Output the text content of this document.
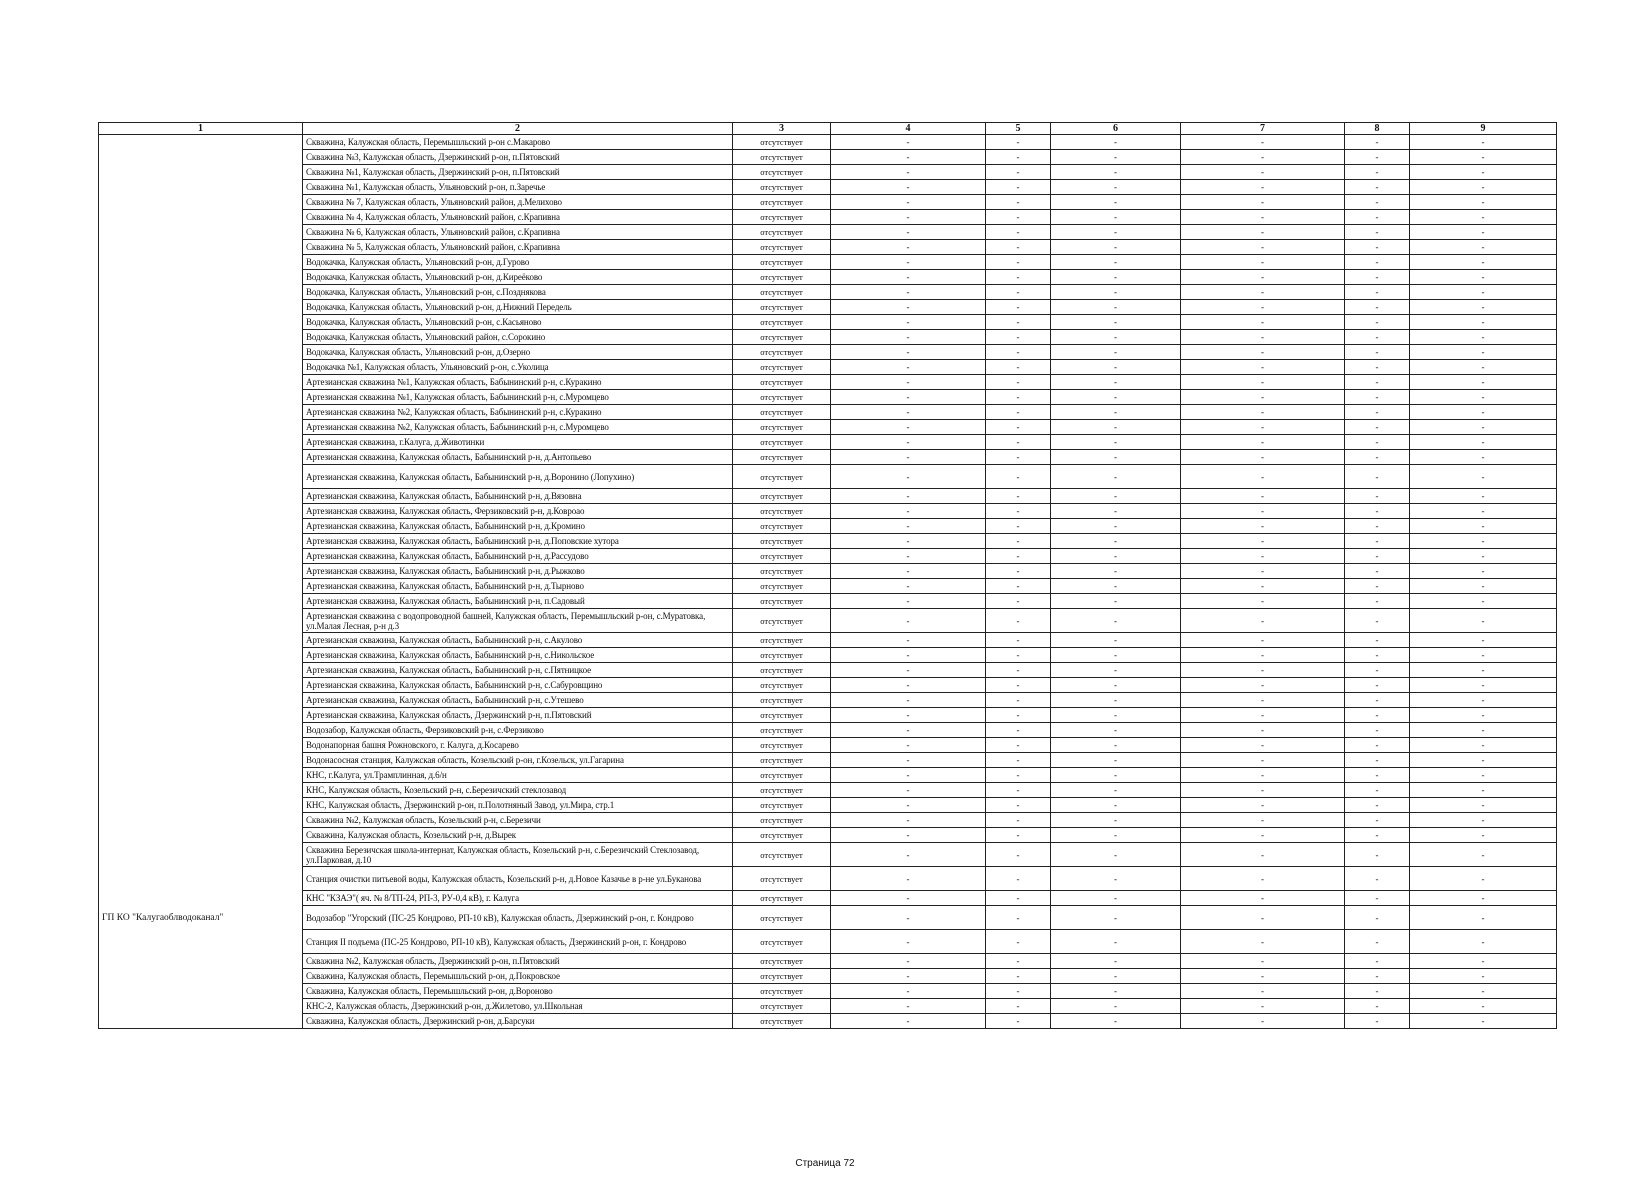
1	2	3	4	5	6	7	8	9
	Скважина, Калужская область, Перемышльский р-он с.Макарово	отсутствует	-	-	-	-	-	-
	Скважина №3, Калужская область, Дзержинский р-он, п.Пятовский	отсутствует	-	-	-	-	-	-
	Скважина №1, Калужская область, Дзержинский р-он, п.Пятовский	отсутствует	-	-	-	-	-	-
	Скважина №1, Калужская область, Ульяновский р-он, п.Заречье	отсутствует	-	-	-	-	-	-
	Скважина № 7, Калужская область, Ульяновский район, д.Мелихово	отсутствует	-	-	-	-	-	-
	Скважина № 4, Калужская область, Ульяновский район, с.Крапивна	отсутствует	-	-	-	-	-	-
	Скважина № 6, Калужская область, Ульяновский район, с.Крапивна	отсутствует	-	-	-	-	-	-
	Скважина № 5, Калужская область, Ульяновский район, с.Крапивна	отсутствует	-	-	-	-	-	-
	Водокачка, Калужская область, Ульяновский р-он, д.Гурово	отсутствует	-	-	-	-	-	-
	Водокачка, Калужская область, Ульяновский р-он, д.Киреёково	отсутствует	-	-	-	-	-	-
	Водокачка, Калужская область, Ульяновский р-он, с.Позднякова	отсутствует	-	-	-	-	-	-
	Водокачка, Калужская область, Ульяновский р-он, д.Нижний Передель	отсутствует	-	-	-	-	-	-
	Водокачка, Калужская область, Ульяновский р-он, с.Касьяново	отсутствует	-	-	-	-	-	-
	Водокачка, Калужская область, Ульяновский район, с.Сорокино	отсутствует	-	-	-	-	-	-
	Водокачка, Калужская область, Ульяновский р-он, д.Озерно	отсутствует	-	-	-	-	-	-
	Водокачка №1, Калужская область, Ульяновский р-он, с.Уколица	отсутствует	-	-	-	-	-	-
	Артезианская скважина №1, Калужская область, Бабынинский р-н, с.Куракино	отсутствует	-	-	-	-	-	-
	Артезианская скважина №1, Калужская область, Бабынинский р-н, с.Муромцево	отсутствует	-	-	-	-	-	-
	Артезианская скважина №2, Калужская область, Бабынинский р-н, с.Куракино	отсутствует	-	-	-	-	-	-
	Артезианская скважина №2, Калужская область, Бабынинский р-н, с.Муромцево	отсутствует	-	-	-	-	-	-
	Артезианская скважина, г.Калуга, д.Животинки	отсутствует	-	-	-	-	-	-
	Артезианская скважина, Калужская область, Бабынинский р-н, д.Антопьево	отсутствует	-	-	-	-	-	-
	Артезианская скважина, Калужская область, Бабынинский р-н, д.Воронино (Лопухино)	отсутствует	-	-	-	-	-	-
	Артезианская скважина, Калужская область, Бабынинский р-н, д.Вязовна	отсутствует	-	-	-	-	-	-
	Артезианская скважина, Калужская область, Ферзиковский р-н, д.Ковроао	отсутствует	-	-	-	-	-	-
	Артезианская скважина, Калужская область, Бабынинский р-н, д.Кромино	отсутствует	-	-	-	-	-	-
	Артезианская скважина, Калужская область, Бабынинский р-н, д.Поповские хутора	отсутствует	-	-	-	-	-	-
	Артезианская скважина, Калужская область, Бабынинский р-н, д.Рассудово	отсутствует	-	-	-	-	-	-
	Артезианская скважина, Калужская область, Бабынинский р-н, д.Рыжково	отсутствует	-	-	-	-	-	-
	Артезианская скважина, Калужская область, Бабынинский р-н, д.Тырново	отсутствует	-	-	-	-	-	-
	Артезианская скважина, Калужская область, Бабынинский р-н, п.Садовый	отсутствует	-	-	-	-	-	-
	Артезианская скважина с водопроводной башней, Калужская область, Перемышльский р-он, с.Муратовка, ул.Малая Лесная, р-н д.3	отсутствует	-	-	-	-	-	-
	Артезианская скважина, Калужская область, Бабынинский р-н, с.Акулово	отсутствует	-	-	-	-	-	-
	Артезианская скважина, Калужская область, Бабынинский р-н, с.Никольское	отсутствует	-	-	-	-	-	-
	Артезианская скважина, Калужская область, Бабынинский р-н, с.Пятницкое	отсутствует	-	-	-	-	-	-
	Артезианская скважина, Калужская область, Бабынинский р-н, с.Сабуровщино	отсутствует	-	-	-	-	-	-
	Артезианская скважина, Калужская область, Бабынинский р-н, с.Утешево	отсутствует	-	-	-	-	-	-
	Артезианская скважина, Калужская область, Дзержинский р-н, п.Пятовский	отсутствует	-	-	-	-	-	-
	Водозабор, Калужская область, Ферзиковский р-н, с.Ферзиково	отсутствует	-	-	-	-	-	-
	Водонапорная башня Рожновского, г. Калуга, д.Косарево	отсутствует	-	-	-	-	-	-
	Водонасосная станция, Калужская область, Козельский р-он, г.Козельск, ул.Гагарина	отсутствует	-	-	-	-	-	-
	КНС, г.Калуга, ул.Трамплинная, д.6/н	отсутствует	-	-	-	-	-	-
	КНС, Калужская область, Козельский р-н, с.Березичский стеклозавод	отсутствует	-	-	-	-	-	-
	КНС, Калужская область, Дзержинский р-он, п.Полотняный Завод, ул.Мира, стр.1	отсутствует	-	-	-	-	-	-
	Скважина №2, Калужская область, Козельский р-н, с.Березичи	отсутствует	-	-	-	-	-	-
	Скважина, Калужская область, Козельский р-н, д.Вырек	отсутствует	-	-	-	-	-	-
	Скважина Березичская школа-интернат, Калужская область, Козельский р-н, с.Березичский Стеклозавод, ул.Парковая, д.10	отсутствует	-	-	-	-	-	-
	Станция очистки питьевой воды, Калужская область, Козельский р-н, д.Новое Казачье в р-не ул.Буканова	отсутствует	-	-	-	-	-	-
	КНС "КЗАЭ"( яч. № 8/ТП-24, РП-3, РУ-0,4 кВ), г. Калуга	отсутствует	-	-	-	-	-	-
ГП КО "Калугаоблводоканал"	Водозабор "Угорский (ПС-25 Кондрово, РП-10 кВ), Калужская область, Дзержинский р-он, г. Кондрово	отсутствует	-	-	-	-	-	-
	Станция II подъема (ПС-25 Кондрово, РП-10 кВ), Калужская область, Дзержинский р-он, г. Кондрово	отсутствует	-	-	-	-	-	-
	Скважина №2, Калужская область, Дзержинский р-он, п.Пятовский	отсутствует	-	-	-	-	-	-
	Скважина, Калужская область, Перемышльский р-он, д.Покровское	отсутствует	-	-	-	-	-	-
	Скважина, Калужская область, Перемышльский р-он, д.Вороново	отсутствует	-	-	-	-	-	-
	КНС-2, Калужская область, Дзержинский р-он, д.Жилетово, ул.Школьная	отсутствует	-	-	-	-	-	-
	Скважина, Калужская область, Дзержинский р-он, д.Барсуки	отсутствует	-	-	-	-	-	-
Страница 72
